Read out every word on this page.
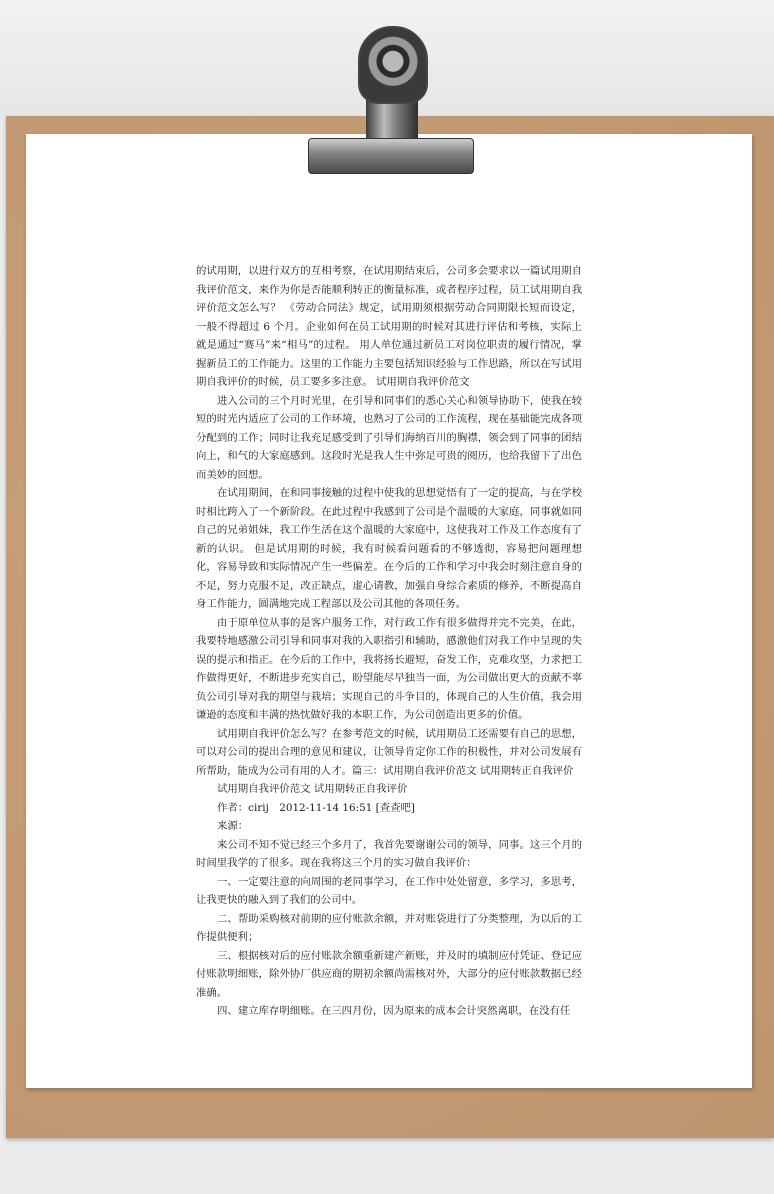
的试用期，以进行双方的互相考察，在试用期结束后，公司多会要求以一篇试用期自我评价范文，来作为你是否能顺利转正的衡量标准，或者程序过程，员工试用期自我评价范文怎么写？ 《劳动合同法》规定，试用期须根据劳动合同期限长短而设定，一般不得超过 6 个月。企业如何在员工试用期的时候对其进行评估和考核，实际上就是通过“赛马”来“相马”的过程。 用人单位通过新员工对岗位职责的履行情况，掌握新员工的工作能力。这里的工作能力主要包括知识经验与工作思路，所以在写试用期自我评价的时候，员工要多多注意。 试用期自我评价范文

进入公司的三个月时光里，在引导和同事们的悉心关心和领导协助下，使我在较短的时光内适应了公司的工作环境，也熟习了公司的工作流程，现在基础能完成各项分配到的工作；同时让我充足感受到了引导们海纳百川的胸襟，领会到了同事的团结向上，和气的大家庭感到。这段时光是我人生中弥足可贵的阅历，也给我留下了出色而美妙的回想。

在试用期间，在和同事接触的过程中使我的思想觉悟有了一定的提高，与在学校时相比跨入了一个新阶段。在此过程中我感到了公司是个温暖的大家庭，同事就如同自己的兄弟姐妹，我工作生活在这个温暖的大家庭中，这使我对工作及工作态度有了新的认识。 但是试用期的时候，我有时候看问题看的不够透彻，容易把问题理想化，容易导致和实际情况产生一些偏差。在今后的工作和学习中我会时刻注意自身的不足，努力克服不足，改正缺点，虚心请教，加强自身综合素质的修养，不断提高自身工作能力，圆满地完成工程部以及公司其他的各项任务。

由于原单位从事的是客户服务工作，对行政工作有很多做得并完不完美，在此，我要特地感激公司引导和同事对我的入职指引和辅助，感激他们对我工作中呈现的失误的提示和指正。在今后的工作中，我将扬长避短，奋发工作，克难攻坚，力求把工作做得更好，不断进步充实自己，盼望能尽早独当一面，为公司做出更大的贡献不辜负公司引导对我的期望与栽培；实现自己的斗争目的，体现自己的人生价值，我会用谦逊的态度和丰满的热忱做好我的本职工作，为公司创造出更多的价值。

试用期自我评价怎么写？在参考范文的时候，试用期员工还需要有自己的思想，可以对公司的提出合理的意见和建议，让领导肯定你工作的积极性，并对公司发展有所帮助，能成为公司有用的人才。篇三：试用期自我评价范文 试用期转正自我评价

试用期自我评价范文 试用期转正自我评价

作者：cirij　2012-11-14 16:51 [查查吧]

来源：

来公司不知不觉已经三个多月了，我首先要谢谢公司的领导，同事。这三个月的时间里我学的了很多。现在我将这三个月的实习做自我评价：

一、一定要注意的向周围的老同事学习，在工作中处处留意，多学习，多思考，让我更快的融入到了我们的公司中。

二、帮助采购核对前期的应付账款余额，并对账袋进行了分类整理，为以后的工作提供便利；

三、根据核对后的应付账款余额重新建产新账，并及时的填制应付凭证、登记应付账款明细账，除外协厂供应商的期初余额尚需核对外，大部分的应付账款数据已经准确。

四、建立库存明细账。在三四月份，因为原来的成本会计突然离职，在没有任
